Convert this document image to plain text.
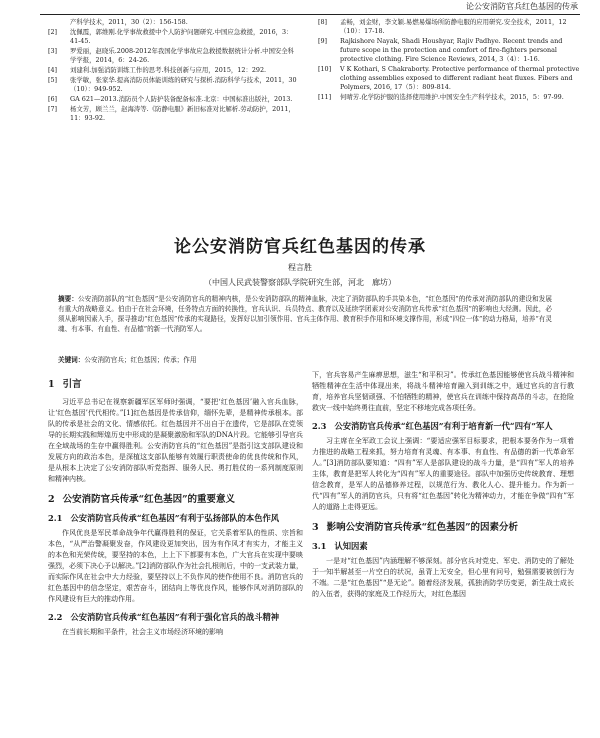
论公安消防官兵红色基因的传承
产科学技术，2011，30（2）：156-158.
[2]	沈佩霞，郭维刚.化学事故救援中个人防护问题研究.中国应急救援，2016，3：41-45.
[3]	罗爱丽，赵晓乐.2008-2012年我国化学事故应急救援数据统计分析.中国安全科学学报，2014，6：24-26.
[4]	刘建利.加强消防训练工作的思考.科技创新与应用，2015，12：292.
[5]	张学敏，张家华.提高消防员体能训练的研究与探析.消防科学与技术，2011，30（10）：949-952.
[6]	GA 621—2013.消防员个人防护装备配备标准.北京：中国标准出版社，2013.
[7]	杨文芳，顾兰兰，赵海涛等.《防静电服》新旧标准对比解析.劳动防护，2011，11：93-92.
[8]	孟畅，刘金财，李文颖.易燃易爆场所防静电服的应用研究.安全技术，2011，12（10）：17-18.
[9]	Rajkishore Nayak, Shadi Houshyar, Rajiv Padhye. Recent trends and future scope in the protection and comfort of fire-fighters personal protective clothing. Fire Science Reviews, 2014, 3（4）：1-16.
[10]	V K Kothari, S Chakraborty. Protective performance of thermal protective clothing assemblies exposed to different radiant heat fluxes. Fibers and Polymers, 2016, 17（5）：809-814.
[11]	何晴芳.化学防护服的选择使用维护.中国安全生产科学技术，2015，5：97-99.
论公安消防官兵红色基因的传承
程言胜
（中国人民武装警察部队学院研究生部，河北　廊坊）
摘要：公安消防部队的“红色基因”是公安消防官兵的精神内核，是公安消防部队的精神血脉，决定了消防部队的手共染本色，“红色基因”的传承对消防部队的建设和发展有重大的战略意义。伯由于在社会环境，任务特点方面的转换性，官兵认识、兵员特点、教育以及延续学团素对公安消防官兵传承“红色基因”的影响也大经测。因此，必须从影响因素入手，探寻推动“红色基因”传承的实现路径，发挥好以加引领作用、官兵主体作用、教育积手作用和环境支撑作用，形成“四位一体”的动力格局，培养“有灵魂、有本事、有血性、有品德”的新一代消防军人。
关键词：公安消防官兵；红色基因；传承；作用
1 引言

习近平总书记在视察新疆军区军师时强调，“要把‘红色基因’融入官兵血脉，让‘红色基因’代代相传。”[1]红色基因是传承信仰，缅怀先辈，是精神传承根本。部队的传承是社会的文化、情感依托。红色基因并不出自于在遗传，它是部队在党领导的长期实践和辉煌历史中形成的是凝聚激励和军队的DNA片段。它能够引导官兵在全域战场的生存中赢得胜利。公安消防官兵的“红色基因”是指引这支部队建设和发展方向的政治本色，是深植这支部队能够有效履行职责使命的优良传统和作风，是从根本上决定了公安消防部队听党指挥、服务人民、勇打胜仗的一系列制度原则和精神内核。

2 公安消防官兵传承“红色基因”的重要意义
2.1 公安消防官兵传承“红色基因”有利于弘扬部队的本色作风

作风优良是军民革命战争年代赢得胜利的保证，它关系着军队的性质、宗旨和本色，“从严治警凝聚发奋，作风建设更加突出，因为有作风才有实力，才能主义的本色和光荣传统，要坚持的本色，上上下下都要有本色，广大官兵在实现中要映强烈，必须下决心予以解决。”[2]消防部队作为社会扎根则后，中的一支武装力量，而实际作风在社会中大力经验，要坚持以上不负作风的使作使用不良。消防官兵的红色基因中的信念坚定，艰苦奋斗，团结向上等优良作风，能够作风对消防部队的作风建设有巨大的推动作用。

2.2 公安消防官兵传承“红色基因”有利于强化官兵的战斗精神

在当前长期和平条件，社会主义市场经济环境的影响

下，官兵容易产生麻痹思想，滋生“和平积习”。传承红色基因能够使官兵战斗精神和牺牲精神在生活中体现出来，将战斗精神培育融入到训练之中，通过官兵的言行教育，培养官兵坚韧顽强、不怕牺牲的精神，使官兵在训练中保持高昂的斗志，在抢险救灾一线中始终勇往直前，坚定不移地完成各项任务。

2.3 公安消防官兵传承“红色基因”有利于培育新一代“四有”军人

习主席在全军政工会议上强调：“要适应强军目标要求，把根本要务作为一项着力推进的战略工程来抓，努力培育有灵魂、有本事、有血性、有品德的新一代革命军人。”[3]消防部队要知道：“四有”军人是部队建设的战斗力量，是“四有”军人的培养主体，教育是把军人转化为“四有”军人的重要途径。部队中加强历史传统教育、理想信念教育，是军人的品德修养过程，以规范行为、教化人心、提升能力。作为新一代“四有”军人的消防官兵，只有将“红色基因”转化为精神动力，才能在争做“四有”军人的道路上走得更远。

3 影响公安消防官兵传承“红色基因”的因素分析
3.1 认知因素

一是对“红色基因”内涵理解不够深刻。部分官兵对党史、军史、消防史的了解处于一知半解甚至一片空白的状况，虽背上无安全，但心里有问号，勉强需要被创行为不端。二是“红色基因”“是无论”。随着经济发展，孤独消防学历变更，新生战士成长的入伍者，获得的家庭及工作经历大，对红色基因
